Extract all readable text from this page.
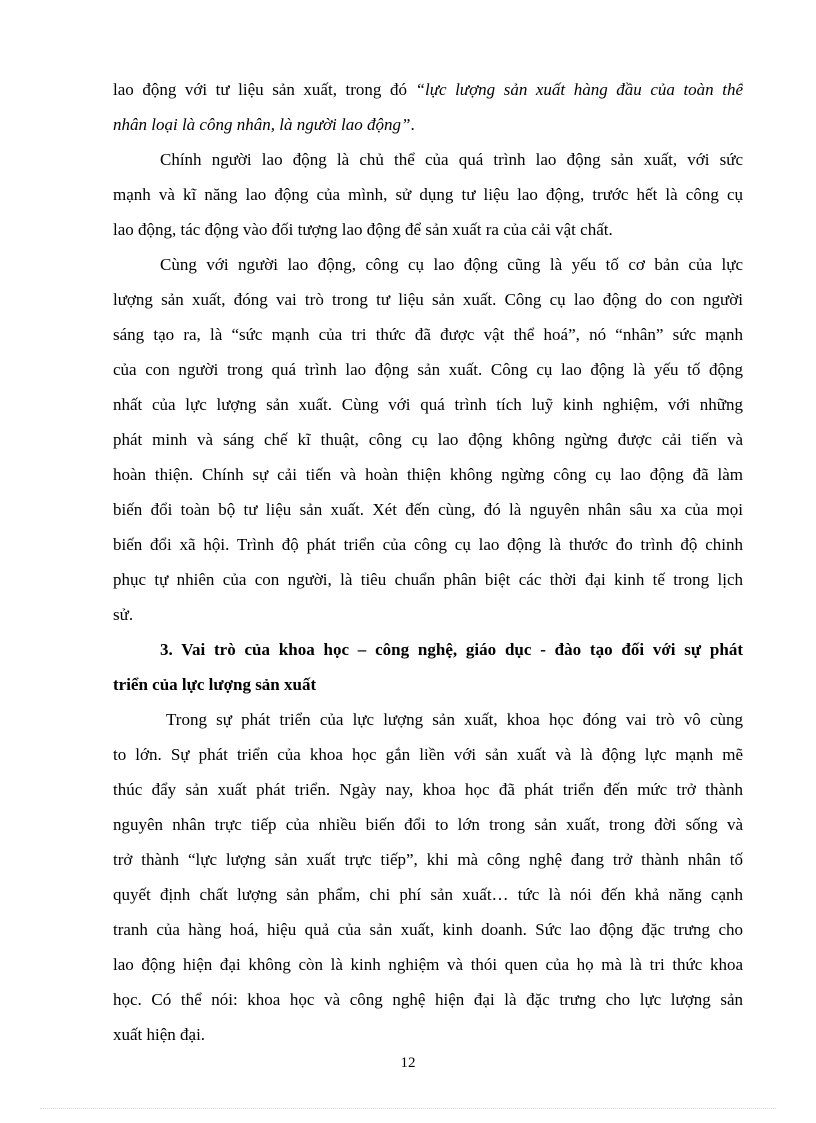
lao động với tư liệu sản xuất, trong đó “lực lượng sản xuất hàng đầu của toàn thể
nhân loại là công nhân, là người lao động”.
Chính người lao động là chủ thể của quá trình lao động sản xuất, với sức
mạnh và kĩ năng lao động của mình, sử dụng tư liệu lao động, trước hết là công cụ
lao động, tác động vào đối tượng lao động để sản xuất ra của cải vật chất.
Cùng với người lao động, công cụ lao động cũng là yếu tố cơ bản của lực
lượng sản xuất, đóng vai trò trong tư liệu sản xuất. Công cụ lao động do con người
sáng tạo ra, là “sức mạnh của tri thức đã được vật thể hoá”, nó “nhân” sức mạnh
của con người trong quá trình lao động sản xuất. Công cụ lao động là yếu tố động
nhất của lực lượng sản xuất. Cùng với quá trình tích luỹ kinh nghiệm, với những
phát minh và sáng chế kĩ thuật, công cụ lao động không ngừng được cải tiến và
hoàn thiện. Chính sự cải tiến và hoàn thiện không ngừng công cụ lao động đã làm
biến đổi toàn bộ tư liệu sản xuất. Xét đến cùng, đó là nguyên nhân sâu xa của mọi
biến đổi xã hội. Trình độ phát triển của công cụ lao động là thước đo trình độ chinh
phục tự nhiên của con người, là tiêu chuẩn phân biệt các thời đại kinh tế trong lịch
sử.
3. Vai trò của khoa học – công nghệ, giáo dục - đào tạo đối với sự phát
triển của lực lượng sản xuất
Trong sự phát triển của lực lượng sản xuất, khoa học đóng vai trò vô cùng
to lớn. Sự phát triển của khoa học gắn liền với sản xuất và là động lực mạnh mẽ
thúc đẩy sản xuất phát triển. Ngày nay, khoa học đã phát triển đến mức trở thành
nguyên nhân trực tiếp của nhiều biến đổi to lớn trong sản xuất, trong đời sống và
trở thành “lực lượng sản xuất trực tiếp”, khi mà công nghệ đang trở thành nhân tố
quyết định chất lượng sản phẩm, chi phí sản xuất… tức là nói đến khả năng cạnh
tranh của hàng hoá, hiệu quả của sản xuất, kinh doanh. Sức lao động đặc trưng cho
lao động hiện đại không còn là kinh nghiệm và thói quen của họ mà là tri thức khoa
học. Có thể nói: khoa học và công nghệ hiện đại là đặc trưng cho lực lượng sản
xuất hiện đại.
12
